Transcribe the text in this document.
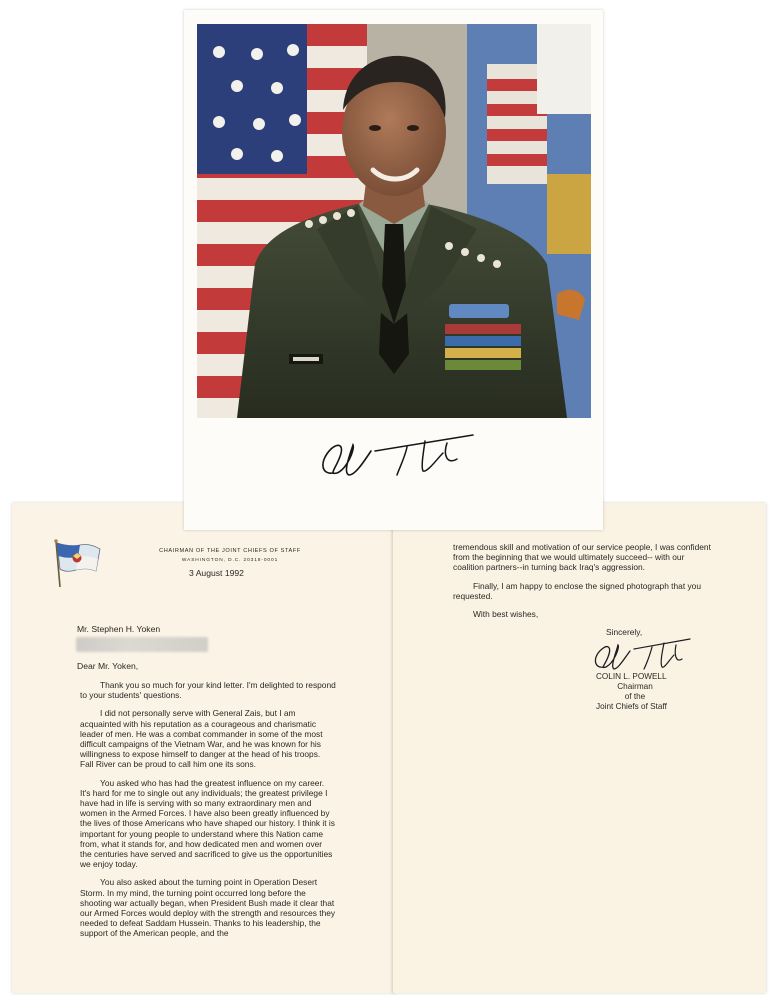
CHAIRMAN OF THE JOINT CHIEFS OF STAFF
WASHINGTON, D.C. 20318-0001
3 August 1992
Mr. Stephen H. Yoken
Dear Mr. Yoken,

Thank you so much for your kind letter. I'm delighted to respond to your students' questions.

I did not personally serve with General Zais, but I am acquainted with his reputation as a courageous and charismatic leader of men. He was a combat commander in some of the most difficult campaigns of the Vietnam War, and he was known for his willingness to expose himself to danger at the head of his troops. Fall River can be proud to call him one its sons.

You asked who has had the greatest influence on my career. It's hard for me to single out any individuals; the greatest privilege I have had in life is serving with so many extraordinary men and women in the Armed Forces. I have also been greatly influenced by the lives of those Americans who have shaped our history. I think it is important for young people to understand where this Nation came from, what it stands for, and how dedicated men and women over the centuries have served and sacrificed to give us the opportunities we enjoy today.

You also asked about the turning point in Operation Desert Storm. In my mind, the turning point occurred long before the shooting war actually began, when President Bush made it clear that our Armed Forces would deploy with the strength and resources they needed to defeat Saddam Hussein. Thanks to his leadership, the support of the American people, and the

tremendous skill and motivation of our service people, I was confident from the beginning that we would ultimately succeed-- with our coalition partners--in turning back Iraq's aggression.

Finally, I am happy to enclose the signed photograph that you requested.

With best wishes,

Sincerely,
COLIN L. POWELL
Chairman
of the
Joint Chiefs of Staff
